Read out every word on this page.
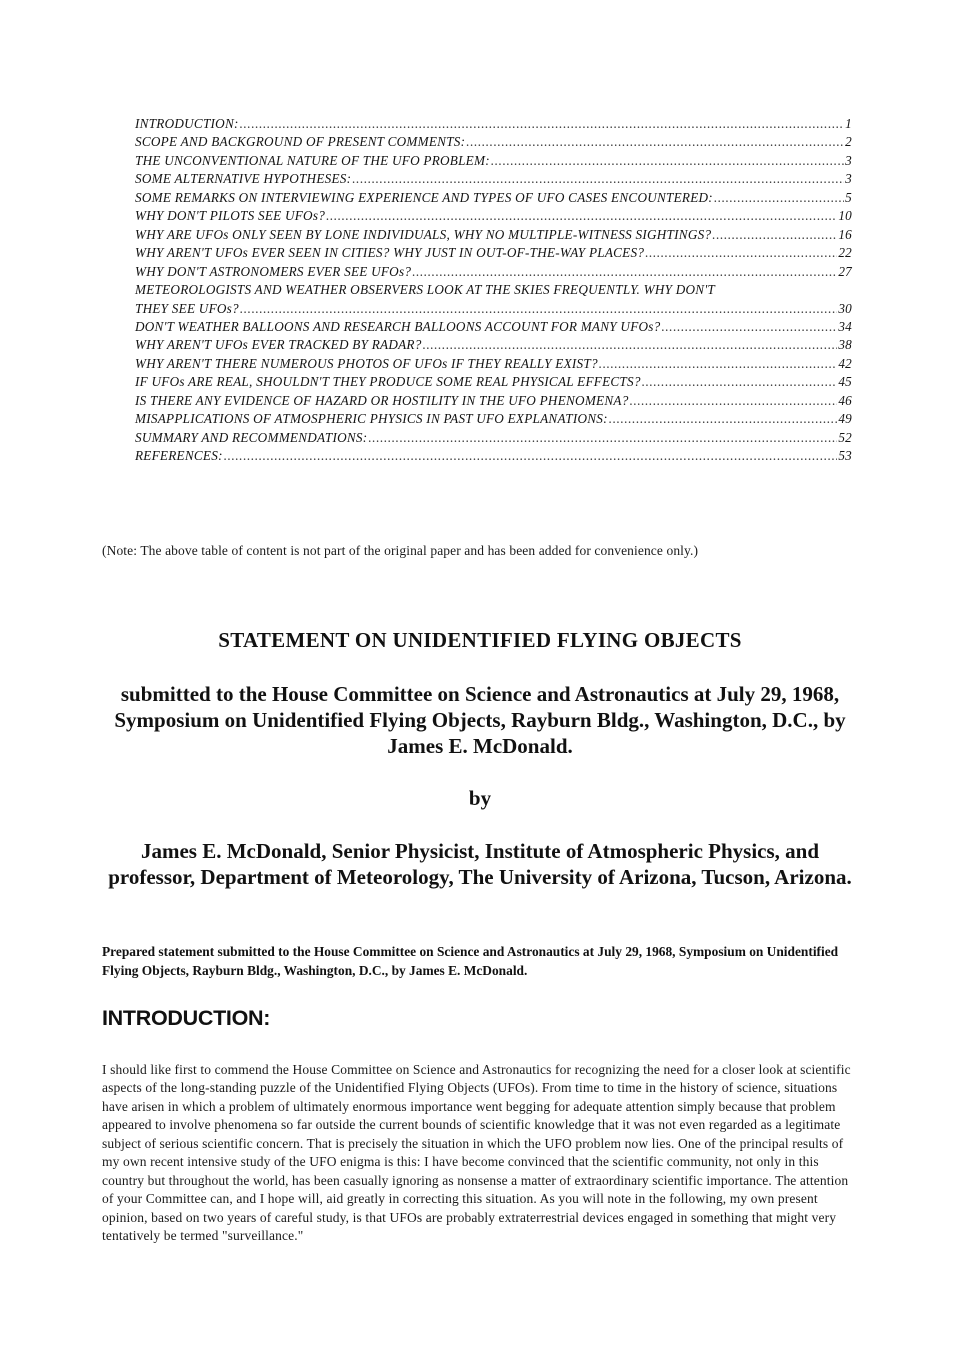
INTRODUCTION: .....	1
SCOPE AND BACKGROUND OF PRESENT COMMENTS: .....	2
THE UNCONVENTIONAL NATURE OF THE UFO PROBLEM: .....	3
SOME ALTERNATIVE HYPOTHESES: .....	3
SOME REMARKS ON INTERVIEWING EXPERIENCE AND TYPES OF UFO CASES ENCOUNTERED: .....	5
WHY DON'T PILOTS SEE UFOs? .....	10
WHY ARE UFOs ONLY SEEN BY LONE INDIVIDUALS, WHY NO MULTIPLE-WITNESS SIGHTINGS? .....	16
WHY AREN'T UFOs EVER SEEN IN CITIES? WHY JUST IN OUT-OF-THE-WAY PLACES? .....	22
WHY DON'T ASTRONOMERS EVER SEE UFOs? .....	27
METEOROLOGISTS AND WEATHER OBSERVERS LOOK AT THE SKIES FREQUENTLY. WHY DON'T
THEY SEE UFOs? .....	30
DON'T WEATHER BALLOONS AND RESEARCH BALLOONS ACCOUNT FOR MANY UFOs? .....	34
WHY AREN'T UFOs EVER TRACKED BY RADAR? .....	38
WHY AREN'T THERE NUMEROUS PHOTOS OF UFOs IF THEY REALLY EXIST? .....	42
IF UFOs ARE REAL, SHOULDN'T THEY PRODUCE SOME REAL PHYSICAL EFFECTS? .....	45
IS THERE ANY EVIDENCE OF HAZARD OR HOSTILITY IN THE UFO PHENOMENA? .....	46
MISAPPLICATIONS OF ATMOSPHERIC PHYSICS IN PAST UFO EXPLANATIONS: .....	49
SUMMARY AND RECOMMENDATIONS: .....	52
REFERENCES: .....	53
(Note: The above table of content is not part of the original paper and has been added for convenience only.)
STATEMENT ON UNIDENTIFIED FLYING OBJECTS
submitted to the House Committee on Science and Astronautics at July 29, 1968, Symposium on Unidentified Flying Objects, Rayburn Bldg., Washington, D.C., by James E. McDonald.
by
James E. McDonald, Senior Physicist, Institute of Atmospheric Physics, and professor, Department of Meteorology, The University of Arizona, Tucson, Arizona.
Prepared statement submitted to the House Committee on Science and Astronautics at July 29, 1968, Symposium on Unidentified Flying Objects, Rayburn Bldg., Washington, D.C., by James E. McDonald.
INTRODUCTION:
I should like first to commend the House Committee on Science and Astronautics for recognizing the need for a closer look at scientific aspects of the long-standing puzzle of the Unidentified Flying Objects (UFOs). From time to time in the history of science, situations have arisen in which a problem of ultimately enormous importance went begging for adequate attention simply because that problem appeared to involve phenomena so far outside the current bounds of scientific knowledge that it was not even regarded as a legitimate subject of serious scientific concern. That is precisely the situation in which the UFO problem now lies. One of the principal results of my own recent intensive study of the UFO enigma is this: I have become convinced that the scientific community, not only in this country but throughout the world, has been casually ignoring as nonsense a matter of extraordinary scientific importance. The attention of your Committee can, and I hope will, aid greatly in correcting this situation. As you will note in the following, my own present opinion, based on two years of careful study, is that UFOs are probably extraterrestrial devices engaged in something that might very tentatively be termed "surveillance."
